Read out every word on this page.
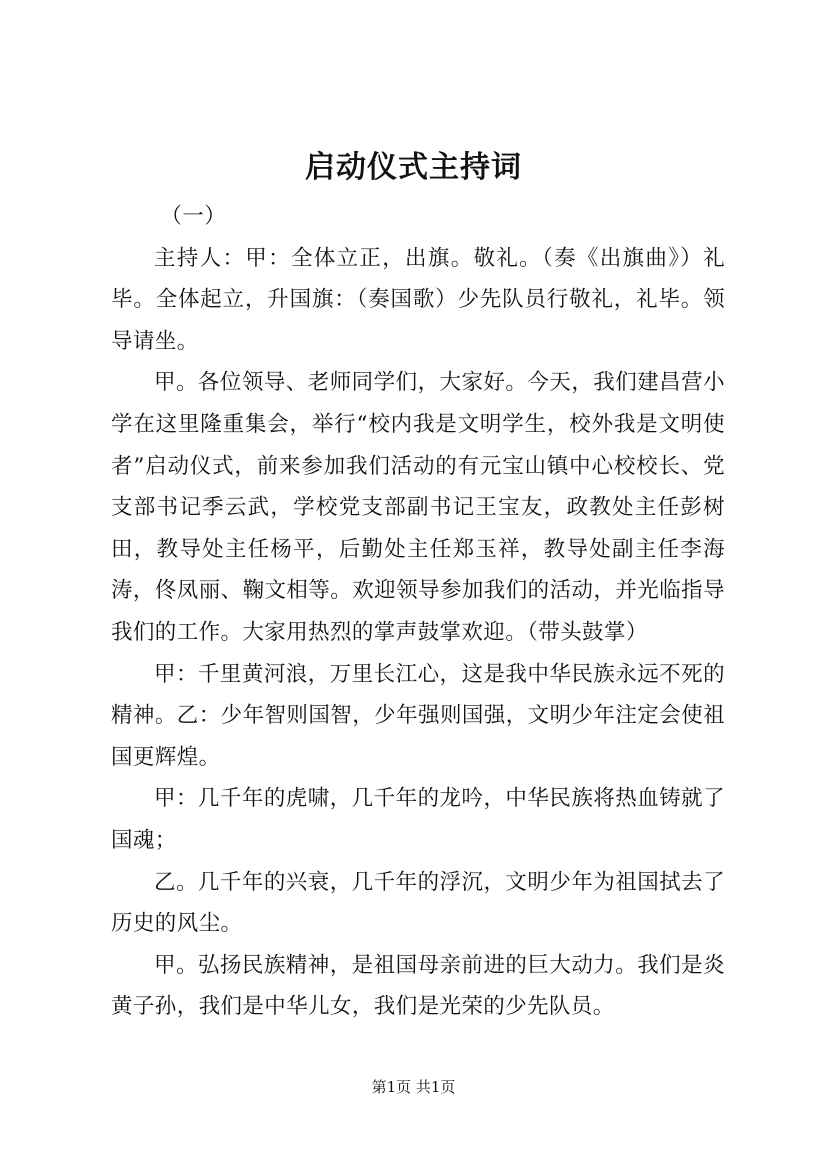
启动仪式主持词

（一）

主持人：甲：全体立正，出旗。敬礼。（奏《出旗曲》）礼毕。全体起立，升国旗：（奏国歌）少先队员行敬礼，礼毕。领导请坐。

甲。各位领导、老师同学们，大家好。今天，我们建昌营小学在这里隆重集会，举行“校内我是文明学生，校外我是文明使者”启动仪式，前来参加我们活动的有元宝山镇中心校校长、党支部书记季云武，学校党支部副书记王宝友，政教处主任彭树田，教导处主任杨平，后勤处主任郑玉祥，教导处副主任李海涛，佟凤丽、鞠文相等。欢迎领导参加我们的活动，并光临指导我们的工作。大家用热烈的掌声鼓掌欢迎。（带头鼓掌）

甲：千里黄河浪，万里长江心，这是我中华民族永远不死的精神。乙：少年智则国智，少年强则国强，文明少年注定会使祖国更辉煌。

甲：几千年的虎啸，几千年的龙吟，中华民族将热血铸就了国魂；

乙。几千年的兴衰，几千年的浮沉，文明少年为祖国拭去了历史的风尘。

甲。弘扬民族精神，是祖国母亲前进的巨大动力。我们是炎黄子孙，我们是中华儿女，我们是光荣的少先队员。

第1页 共1页
